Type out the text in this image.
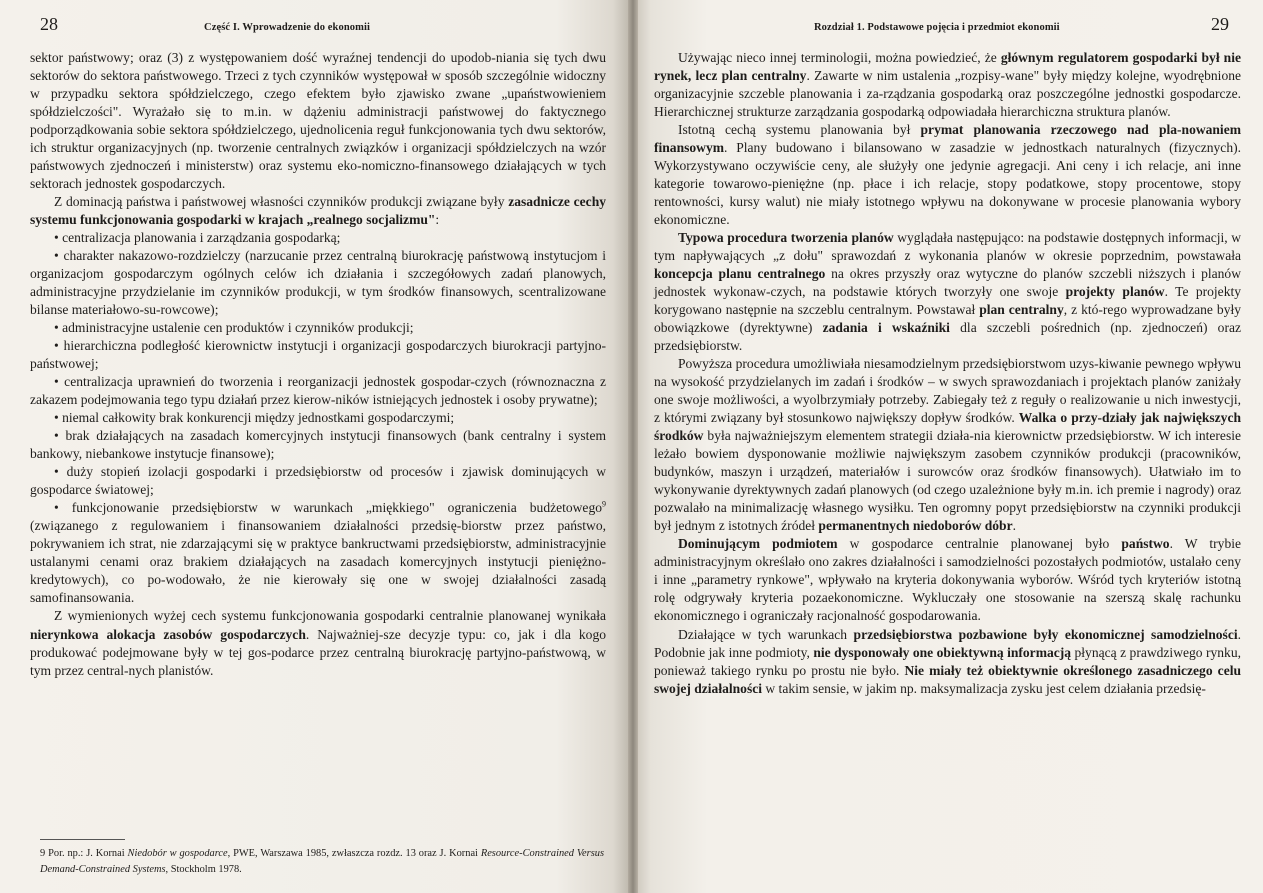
28	Część I. Wprowadzenie do ekonomii

sektor państwowy; oraz (3) z występowaniem dość wyraźnej tendencji do upodob-niania się tych dwu sektorów do sektora państwowego. Trzeci z tych czynników występował w sposób szczególnie widoczny w przypadku sektora spółdzielczego, czego efektem było zjawisko zwane „upaństwowieniem spółdzielczości". Wyrażało się to m.in. w dążeniu administracji państwowej do faktycznego podporządkowania sobie sektora spółdzielczego, ujednolicenia reguł funkcjonowania tych dwu sektorów, ich struktur organizacyjnych (np. tworzenie centralnych związków i organizacji spółdzielczych na wzór państwowych zjednoczeń i ministerstw) oraz systemu eko-nomiczno-finansowego działających w tych sektorach jednostek gospodarczych.

Z dominacją państwa i państwowej własności czynników produkcji związane były zasadnicze cechy systemu funkcjonowania gospodarki w krajach „realnego socjalizmu":

• centralizacja planowania i zarządzania gospodarką;

• charakter nakazowo-rozdzielczy (narzucanie przez centralną biurokrację państwową instytucjom i organizacjom gospodarczym ogólnych celów ich działania i szczegółowych zadań planowych, administracyjne przydzielanie im czynników produkcji, w tym środków finansowych, scentralizowane bilanse materiałowo-su-rowcowe);

• administracyjne ustalenie cen produktów i czynników produkcji;

• hierarchiczna podległość kierownictw instytucji i organizacji gospodarczych biurokracji partyjno-państwowej;

• centralizacja uprawnień do tworzenia i reorganizacji jednostek gospodar-czych (równoznaczna z zakazem podejmowania tego typu działań przez kierow-ników istniejących jednostek i osoby prywatne);

• niemal całkowity brak konkurencji między jednostkami gospodarczymi;

• brak działających na zasadach komercyjnych instytucji finansowych (bank centralny i system bankowy, niebankowe instytucje finansowe);

• duży stopień izolacji gospodarki i przedsiębiorstw od procesów i zjawisk dominujących w gospodarce światowej;

• funkcjonowanie przedsiębiorstw w warunkach „miękkiego" ograniczenia budżetowego$^9$ (związanego z regulowaniem i finansowaniem działalności przedsię-biorstw przez państwo, pokrywaniem ich strat, nie zdarzającymi się w praktyce bankructwami przedsiębiorstw, administracyjnie ustalanymi cenami oraz brakiem działających na zasadach komercyjnych instytucji pieniężno-kredytowych), co po-wodowało, że nie kierowały się one w swojej działalności zasadą samofinansowania.

Z wymienionych wyżej cech systemu funkcjonowania gospodarki centralnie planowanej wynikała nierynkowa alokacja zasobów gospodarczych. Najważniej-sze decyzje typu: co, jak i dla kogo produkować podejmowane były w tej gos-podarce przez centralną biurokrację partyjno-państwową, w tym przez central-nych planistów.

9 Por. np.: J. Kornai Niedobór w gospodarce, PWE, Warszawa 1985, zwłaszcza rozdz. 13 oraz J. Kornai Resource-Constrained Versus Demand-Constrained Systems, Stockholm 1978.
Rozdział 1. Podstawowe pojęcia i przedmiot ekonomii	29

Używając nieco innej terminologii, można powiedzieć, że głównym regulatorem gospodarki był nie rynek, lecz plan centralny. Zawarte w nim ustalenia „rozpisy-wane" były między kolejne, wyodrębnione organizacyjnie szczeble planowania i za-rządzania gospodarką oraz poszczególne jednostki gospodarcze. Hierarchicznej strukturze zarządzania gospodarką odpowiadała hierarchiczna struktura planów.

Istotną cechą systemu planowania był prymat planowania rzeczowego nad pla-nowaniem finansowym. Plany budowano i bilansowano w zasadzie w jednostkach naturalnych (fizycznych). Wykorzystywano oczywiście ceny, ale służyły one jedynie agregacji. Ani ceny i ich relacje, ani inne kategorie towarowo-pieniężne (np. płace i ich relacje, stopy podatkowe, stopy procentowe, stopy rentowności, kursy walut) nie miały istotnego wpływu na dokonywane w procesie planowania wybory ekonomiczne.

Typowa procedura tworzenia planów wyglądała następująco: na podstawie dostępnych informacji, w tym napływających „z dołu" sprawozdań z wykonania planów w okresie poprzednim, powstawała koncepcja planu centralnego na okres przyszły oraz wytyczne do planów szczebli niższych i planów jednostek wykonaw-czych, na podstawie których tworzyły one swoje projekty planów. Te projekty korygowano następnie na szczeblu centralnym. Powstawał plan centralny, z któ-rego wyprowadzane były obowiązkowe (dyrektywne) zadania i wskaźniki dla szczebli pośrednich (np. zjednoczeń) oraz przedsiębiorstw.

Powyższa procedura umożliwiała niesamodzielnym przedsiębiorstwom uzys-kiwanie pewnego wpływu na wysokość przydzielanych im zadań i środków – w swych sprawozdaniach i projektach planów zaniżały one swoje możliwości, a wyolbrzymiały potrzeby. Zabiegały też z reguły o realizowanie u nich inwestycji, z którymi związany był stosunkowo największy dopływ środków. Walka o przy-działy jak największych środków była najważniejszym elementem strategii działa-nia kierownictw przedsiębiorstw. W ich interesie leżało bowiem dysponowanie możliwie największym zasobem czynników produkcji (pracowników, budynków, maszyn i urządzeń, materiałów i surowców oraz środków finansowych). Ułatwiało im to wykonywanie dyrektywnych zadań planowych (od czego uzależnione były m.in. ich premie i nagrody) oraz pozwalało na minimalizację własnego wysiłku. Ten ogromny popyt przedsiębiorstw na czynniki produkcji był jednym z istotnych źródeł permanentnych niedoborów dóbr.

Dominującym podmiotem w gospodarce centralnie planowanej było państwo. W trybie administracyjnym określało ono zakres działalności i samodzielności pozostałych podmiotów, ustalało ceny i inne „parametry rynkowe", wpływało na kryteria dokonywania wyborów. Wśród tych kryteriów istotną rolę odgrywały kryteria pozaekonomiczne. Wykluczały one stosowanie na szerszą skalę rachunku ekonomicznego i ograniczały racjonalność gospodarowania.

Działające w tych warunkach przedsiębiorstwa pozbawione były ekonomicznej samodzielności. Podobnie jak inne podmioty, nie dysponowały one obiektywną informacją płynącą z prawdziwego rynku, ponieważ takiego rynku po prostu nie było. Nie miały też obiektywnie określonego zasadniczego celu swojej działalności w takim sensie, w jakim np. maksymalizacja zysku jest celem działania przedsię-
